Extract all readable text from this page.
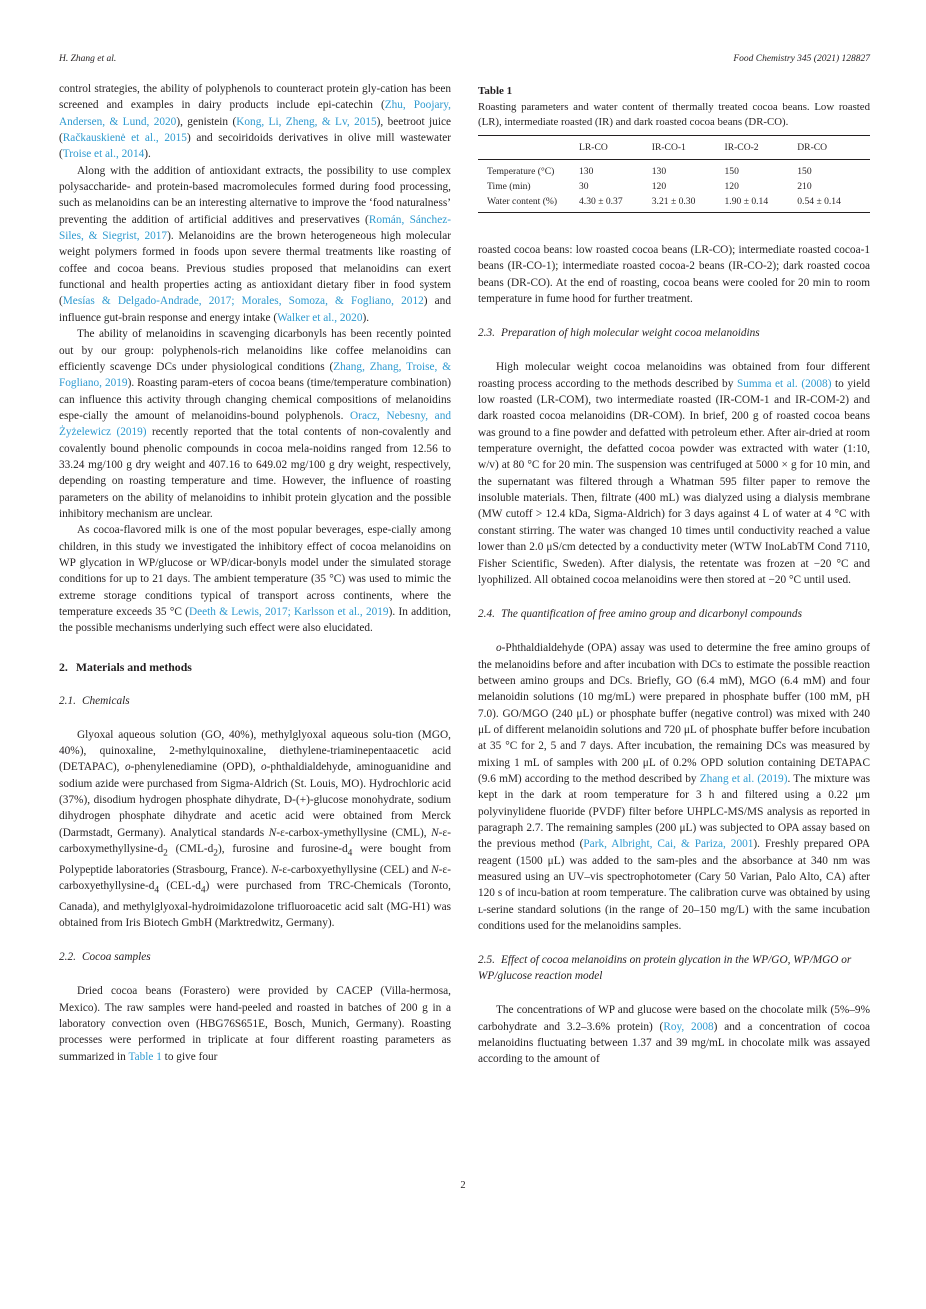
H. Zhang et al.	Food Chemistry 345 (2021) 128827

control strategies, the ability of polyphenols to counteract protein gly-cation has been screened and examples in dairy products include epi-catechin (Zhu, Poojary, Andersen, & Lund, 2020), genistein (Kong, Li, Zheng, & Lv, 2015), beetroot juice (Račkauskienė et al., 2015) and secoiridoids derivatives in olive mill wastewater (Troise et al., 2014).

Along with the addition of antioxidant extracts, the possibility to use complex polysaccharide- and protein-based macromolecules formed during food processing, such as melanoidins can be an interesting alternative to improve the ‘food naturalness’ preventing the addition of artificial additives and preservatives (Román, Sánchez-Siles, & Siegrist, 2017). Melanoidins are the brown heterogeneous high molecular weight polymers formed in foods upon severe thermal treatments like roasting of coffee and cocoa beans. Previous studies proposed that melanoidins can exert functional and health properties acting as antioxidant dietary fiber in food system (Mesías & Delgado-Andrade, 2017; Morales, Somoza, & Fogliano, 2012) and influence gut-brain response and energy intake (Walker et al., 2020).

The ability of melanoidins in scavenging dicarbonyls has been recently pointed out by our group: polyphenols-rich melanoidins like coffee melanoidins can efficiently scavenge DCs under physiological conditions (Zhang, Zhang, Troise, & Fogliano, 2019). Roasting param-eters of cocoa beans (time/temperature combination) can influence this activity through changing chemical compositions of melanoidins espe-cially the amount of melanoidins-bound polyphenols. Oracz, Nebesny, and Żyżelewicz (2019) recently reported that the total contents of non-covalently and covalently bound phenolic compounds in cocoa mela-noidins ranged from 12.56 to 33.24 mg/100 g dry weight and 407.16 to 649.02 mg/100 g dry weight, respectively, depending on roasting temperature and time. However, the influence of roasting parameters on the ability of melanoidins to inhibit protein glycation and the possible inhibitory mechanism are unclear.

As cocoa-flavored milk is one of the most popular beverages, espe-cially among children, in this study we investigated the inhibitory effect of cocoa melanoidins on WP glycation in WP/glucose or WP/dicar-bonyls model under the simulated storage conditions for up to 21 days. The ambient temperature (35 °C) was used to mimic the extreme storage conditions typical of transport across continents, where the temperature exceeds 35 °C (Deeth & Lewis, 2017; Karlsson et al., 2019). In addition, the possible mechanisms underlying such effect were also elucidated.

2. Materials and methods
2.1. Chemicals

Glyoxal aqueous solution (GO, 40%), methylglyoxal aqueous solu-tion (MGO, 40%), quinoxaline, 2-methylquinoxaline, diethylene-triaminepentaacetic acid (DETAPAC), o-phenylenediamine (OPD), o-phthaldialdehyde, aminoguanidine and sodium azide were purchased from Sigma-Aldrich (St. Louis, MO). Hydrochloric acid (37%), disodium hydrogen phosphate dihydrate, D-(+)-glucose monohydrate, sodium dihydrogen phosphate dihydrate and acetic acid were obtained from Merck (Darmstadt, Germany). Analytical standards N-ε-carbox-ymethyllysine (CML), $N-\varepsilon-carboxymethyllysine-d_2$ $(CML-d_2)$, furosine and furosine-$d_4$ were bought from Polypeptide laboratories (Strasbourg, France). N-ε-carboxyethyllysine (CEL) and $N-\varepsilon-carboxyethyllysine-d_4$ $(CEL-d_4)$ were purchased from TRC-Chemicals (Toronto, Canada), and methylglyoxal-hydroimidazolone trifluoroacetic acid salt (MG-H1) was obtained from Iris Biotech GmbH (Marktredwitz, Germany).

2.2. Cocoa samples

Dried cocoa beans (Forastero) were provided by CACEP (Villa-hermosa, Mexico). The raw samples were hand-peeled and roasted in batches of 200 g in a laboratory convection oven (HBG76S651E, Bosch, Munich, Germany). Roasting processes were performed in triplicate at four different roasting parameters as summarized in Table 1 to give four

Table 1
Roasting parameters and water content of thermally treated cocoa beans. Low roasted (LR), intermediate roasted (IR) and dark roasted cocoa beans (DR-CO).
	LR-CO	IR-CO-1	IR-CO-2	DR-CO
Temperature (°C)	130	130	150	150
Time (min)	30	120	120	210
Water content (%)	4.30 ± 0.37	3.21 ± 0.30	1.90 ± 0.14	0.54 ± 0.14

roasted cocoa beans: low roasted cocoa beans (LR-CO); intermediate roasted cocoa-1 beans (IR-CO-1); intermediate roasted cocoa-2 beans (IR-CO-2); dark roasted cocoa beans (DR-CO). At the end of roasting, cocoa beans were cooled for 20 min to room temperature in fume hood for further treatment.

2.3. Preparation of high molecular weight cocoa melanoidins

High molecular weight cocoa melanoidins was obtained from four different roasting process according to the methods described by Summa et al. (2008) to yield low roasted (LR-COM), two intermediate roasted (IR-COM-1 and IR-COM-2) and dark roasted cocoa melanoidins (DR-COM). In brief, 200 g of roasted cocoa beans was ground to a fine powder and defatted with petroleum ether. After air-dried at room temperature overnight, the defatted cocoa powder was extracted with water (1:10, w/v) at 80 °C for 20 min. The suspension was centrifuged at 5000 × g for 10 min, and the supernatant was filtered through a Whatman 595 filter paper to remove the insoluble materials. Then, filtrate (400 mL) was dialyzed using a dialysis membrane (MW cutoff > 12.4 kDa, Sigma-Aldrich) for 3 days against 4 L of water at 4 °C with constant stirring. The water was changed 10 times until conductivity reached a value lower than 2.0 μS/cm detected by a conductivity meter (WTW InoLabTM Cond 7110, Fisher Scientific, Sweden). After dialysis, the retentate was frozen at −20 °C and lyophilized. All obtained cocoa melanoidins were then stored at −20 °C until used.

2.4. The quantification of free amino group and dicarbonyl compounds

o-Phthaldialdehyde (OPA) assay was used to determine the free amino groups of the melanoidins before and after incubation with DCs to estimate the possible reaction between amino groups and DCs. Briefly, GO (6.4 mM), MGO (6.4 mM) and four melanoidin solutions (10 mg/mL) were prepared in phosphate buffer (100 mM, pH 7.0). GO/MGO (240 μL) or phosphate buffer (negative control) was mixed with 240 μL of different melanoidin solutions and 720 μL of phosphate buffer before incubation at 35 °C for 2, 5 and 7 days. After incubation, the remaining DCs was measured by mixing 1 mL of samples with 200 μL of 0.2% OPD solution containing DETAPAC (9.6 mM) according to the method described by Zhang et al. (2019). The mixture was kept in the dark at room temperature for 3 h and filtered using a 0.22 μm polyvinylidene fluoride (PVDF) filter before UHPLC-MS/MS analysis as reported in paragraph 2.7. The remaining samples (200 μL) was subjected to OPA assay based on the previous method (Park, Albright, Cai, & Pariza, 2001). Freshly prepared OPA reagent (1500 μL) was added to the sam-ples and the absorbance at 340 nm was measured using an UV–vis spectrophotometer (Cary 50 Varian, Palo Alto, CA) after 120 s of incu-bation at room temperature. The calibration curve was obtained by using ʟ-serine standard solutions (in the range of 20–150 mg/L) with the same incubation conditions used for the melanoidins samples.

2.5. Effect of cocoa melanoidins on protein glycation in the WP/GO, WP/MGO or WP/glucose reaction model

The concentrations of WP and glucose were based on the chocolate milk (5%–9% carbohydrate and 3.2–3.6% protein) (Roy, 2008) and a concentration of cocoa melanoidins fluctuating between 1.37 and 39 mg/mL in chocolate milk was assayed according to the amount of

2
